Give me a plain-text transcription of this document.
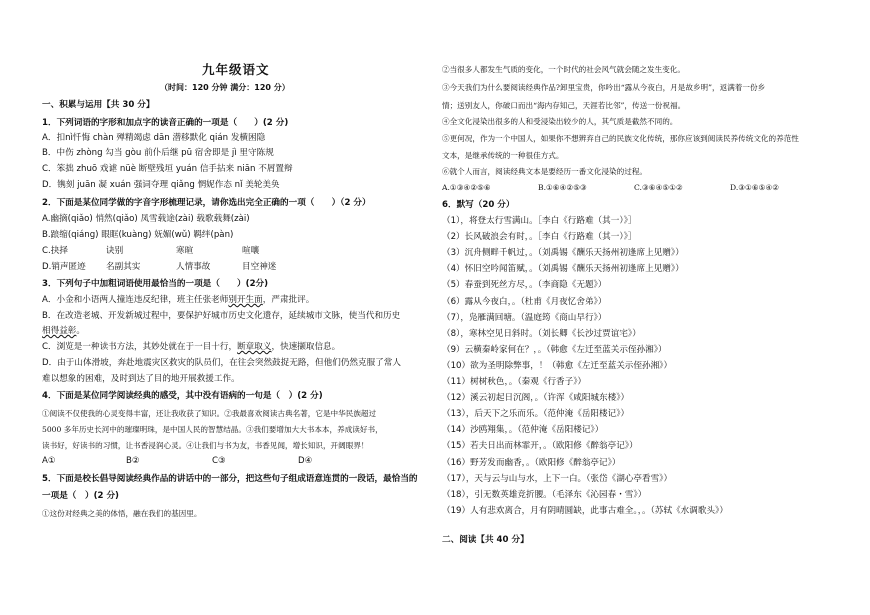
九年级语文
（时间：120 分钟 满分：120 分）
一、积累与运用【共 30 分】
1．下列词语的字形和加点字的读音正确的一项是（　　）(2 分)
A．扣nì忏悔 chàn 殚精竭虑 dān 潜移默化 qián 发横困隐
B．中伤 zhòng 勾当 gòu 前仆后继 pū 宿舍即是 jì 里守陈规
C．笨拙 zhuō 戏谑 nüè 断壁残垣 yuán 信手拈来 niān 不屑置辩
D．镌刻 juān 凝 xuán 强词夺理 qiǎng 惘妮作态 nǐ 美轮美奂
2．下面是某位同学做的字音字形梳理记录，请你选出完全正确的一项（　　）（2 分）
A.幽摘(qiǎo) 悄然(qiǎo) 凤雪载途(zài) 载歌载舞(zài)
B.踉缩(qiáng) 眼眶(kuàng) 妩媚(wǔ) 羁绊(pàn)
C.抉择	诀别	寒暄	喧嚷
D.销声匿迹 名副其实	人情事故	目空神迷
3．下列句子中加粗词语使用最恰当的一项是（　　）(2分)
A．小金和小语两人撞连违反纪律，班主任张老师别开生面，严肃批评。
B．在改造老城、开发新城过程中，要保护好城市历史文化遗存，延续城市文脉，使当代和历史
相得益彰。
C．浏览是一种读书方法，其妙处就在于一目十行，断章取义，快速撷取信息。
D．由于山体滑坡，奔赴地震灾区救灾的队员们，在往会突然鼓捉无路，但他们仍然克服了常人
难以想象的困难，及时到达了目的地开展救援工作。
4．下面是某位同学阅读经典的感受，其中没有语病的一句是（　）(2 分)
①阅读不仅使我的心灵变得丰富，还让我收获了知识。②我最喜欢阅读古典名著，它是中华民族超过
5000 多年历史长河中的璀璨明珠，是中国人民的智慧结晶。③我们要增加大大书本本，养成读好书，
读书好，好读书的习惯，让书香浸润心灵。④让我们与书为友，书香见闻，增长知识，开阔眼界！
A①	B②	C③	D④
5．下面是校长倡导阅读经典作品的讲话中的一部分，把这些句子组成语意连贯的一段话，最恰当的
一项是（　）(2 分)
①这份对经典之美的体悟，融在我们的基因里。
②当很多人都发生气质的变化，一个时代的社会风气就会随之发生变化。
③今天我们为什么要阅读经典作品?卸里宝贵，你吟出“露从今夜白，月是故乡明”，返满着一份乡
情；送别友人，你破口而出“海内存知己，天涯若比邻”，传送一份祝福。
④全文化浸染出很多的人和受浸染出较少的人，其气质是截然不同的。
⑤更何况，作为一个中国人，如果你不想辨弃自己的民族文化传统，那你应该到阅读民养传统文化的养范性
文本，是继承传统的一种很佳方式。
⑥就个人而言，阅读经典文本是要经历一番文化浸染的过程。
A.①③④②⑤⑥	B.①⑥④②⑤③	C.③⑥④⑤①②	D.③①⑥⑤④②
6．默写（20 分）
（1），将登太行雪满山。［李白《行路难（其一）》］
（2）长风破浪会有时，。［李白《行路难（其一）》］
（3）沉舟侧畔千帆过，。（刘禹锡《酬乐天扬州初逢席上见赠》）
（4）怀旧空吟闻笛赋，。（刘禹锡《酬乐天扬州初逢席上见赠》）
（5）春蚕到死丝方尽，。（李商隐《无题》）
（6）露从今夜白，。（杜甫《月夜忆舍弟》）
（7），凫雁满回塘。（温庭筠《商山早行》）
（8），寒林空见日斜时。（刘长卿《长沙过贾谊宅》）
（9）云横秦岭家何在？，。（韩愈《左迁至蓝关示侄孙湘》）
（10）欲为圣明除弊事，！（韩愈《左迁至蓝关示侄孙湘》）
（11）树树秋色，。（秦观《行香子》）
（12）溪云初起日沉阁，。（许浑《咸阳城东楼》）
（13），后天下之乐而乐。（范仲淹《岳阳楼记》）
（14）沙鸥翔集，。（范仲淹《岳阳楼记》）
（15）若夫日出而林霏开，。（欧阳修《醉翁亭记》）
（16）野芳发而幽香，。（欧阳修《醉翁亭记》）
（17），天与云与山与水，上下一白。（张岱《湖心亭看雪》）
（18），引无数英雄竞折腰。（毛泽东《沁园春・雪》）
（19）人有悲欢离合，月有阴晴圆缺，此事古难全。，。（苏轼《水调歌头》）
二、阅读【共 40 分】
